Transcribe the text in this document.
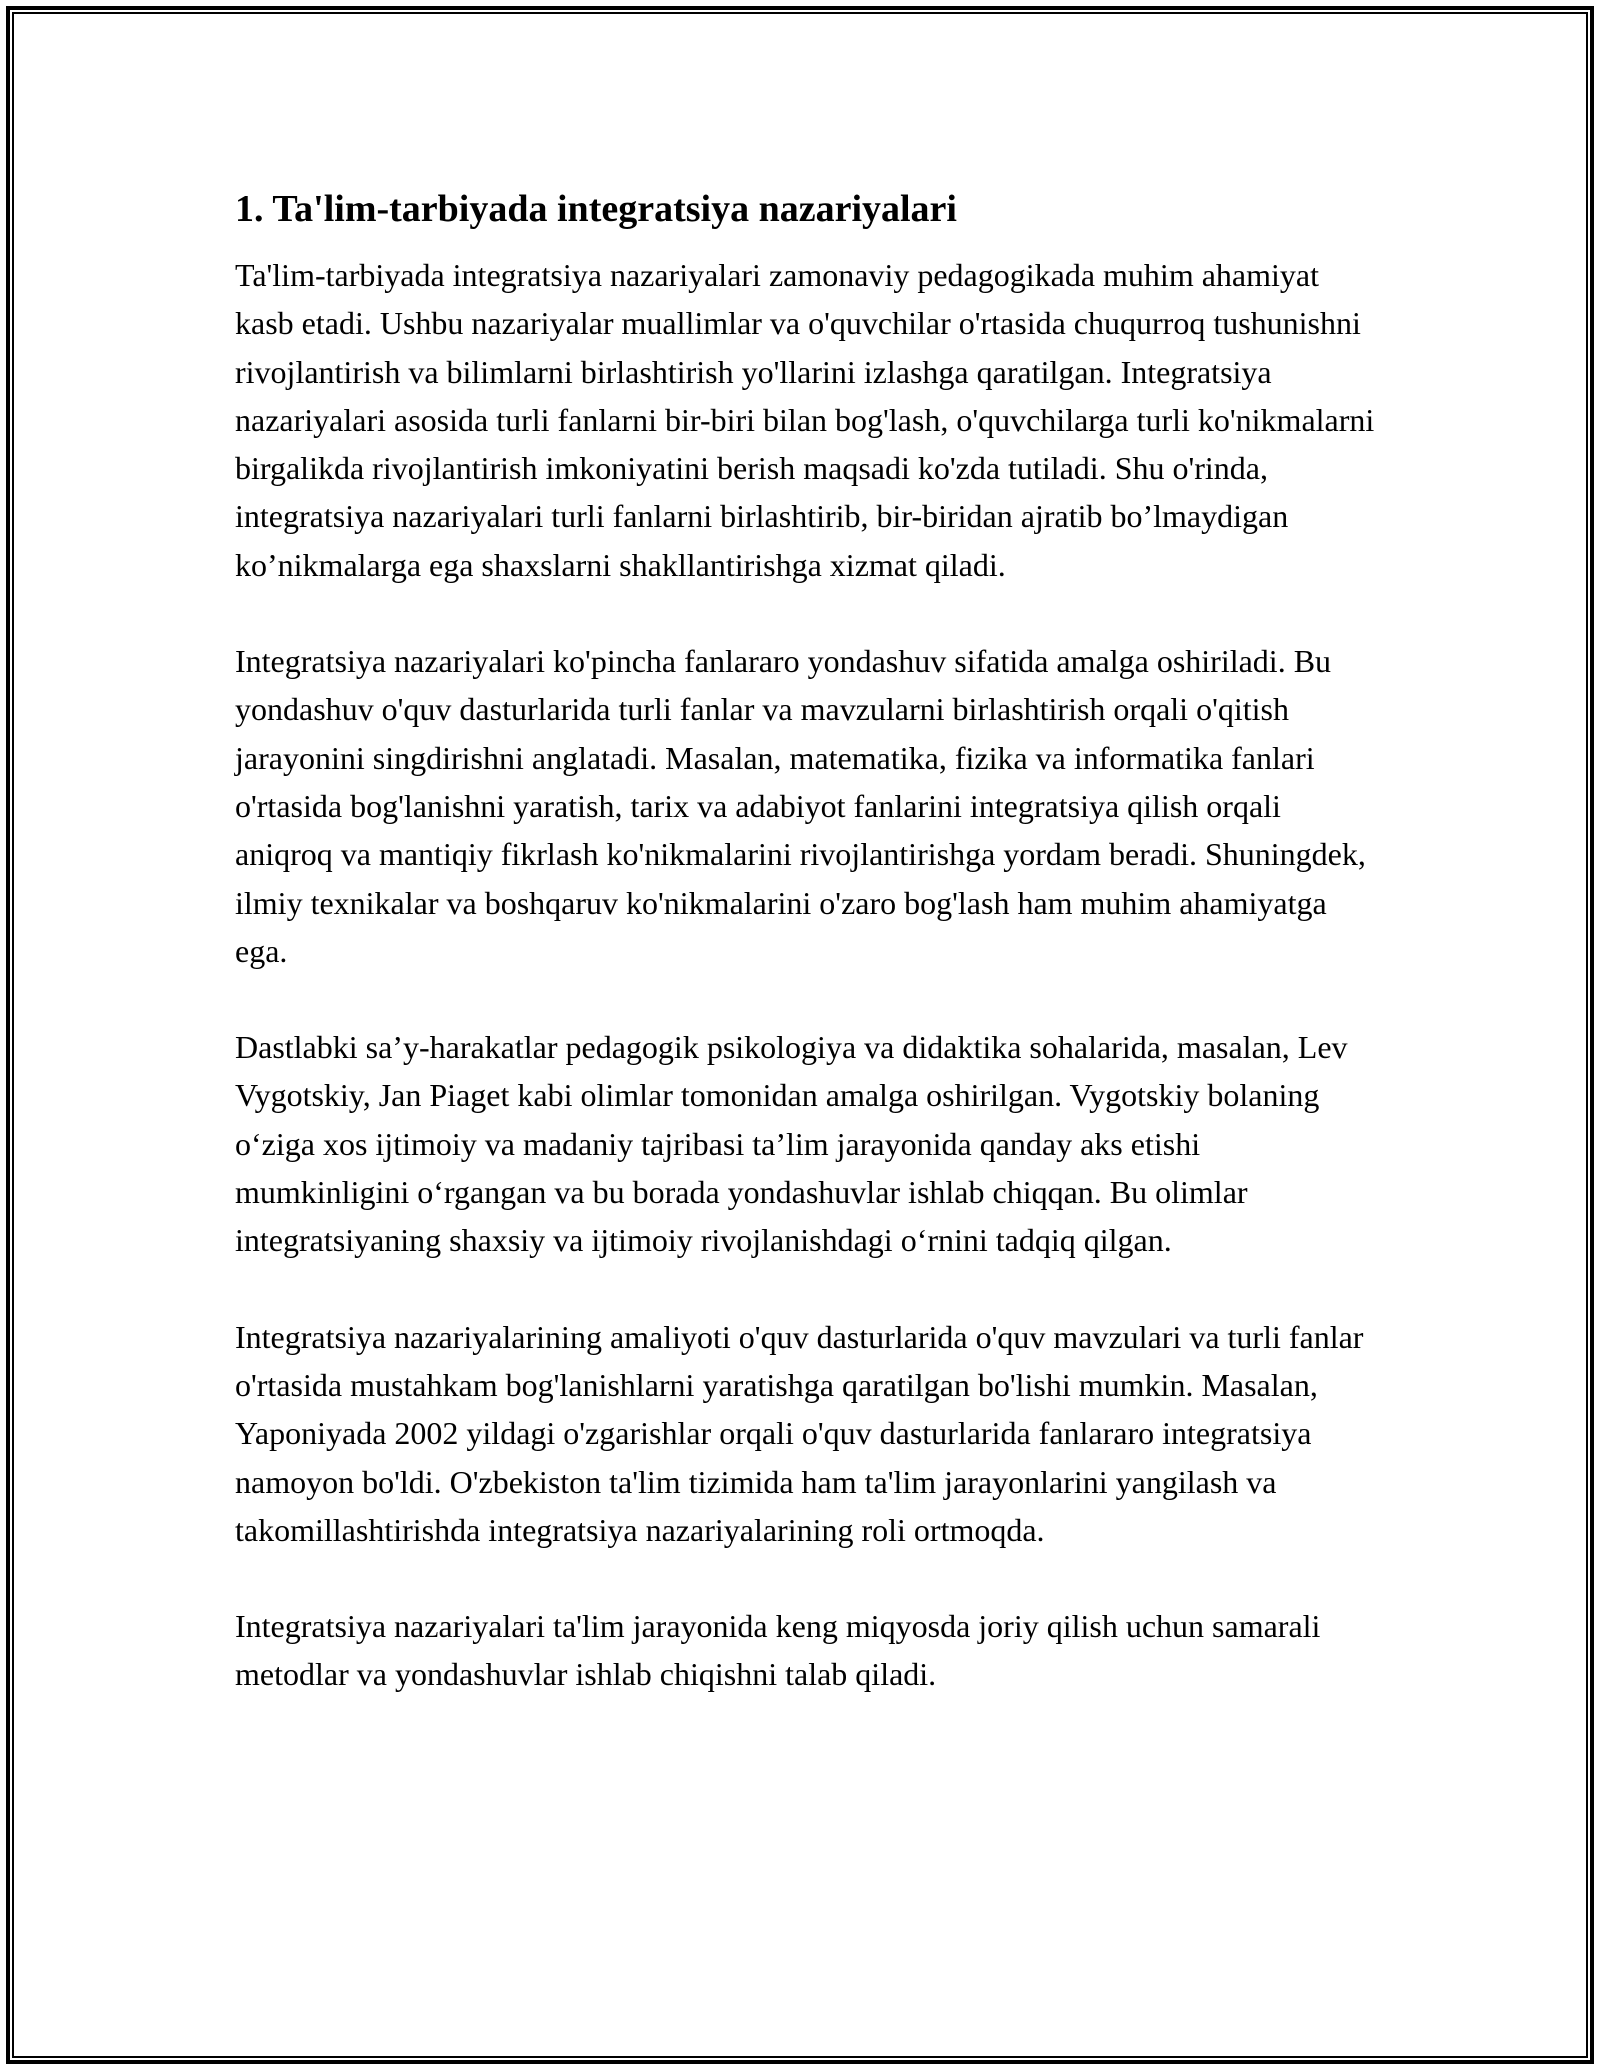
1. Ta'lim-tarbiyada integratsiya nazariyalari

Ta'lim-tarbiyada integratsiya nazariyalari zamonaviy pedagogikada muhim ahamiyat kasb etadi. Ushbu nazariyalar muallimlar va o'quvchilar o'rtasida chuqurroq tushunishni rivojlantirish va bilimlarni birlashtirish yo'llarini izlashga qaratilgan. Integratsiya nazariyalari asosida turli fanlarni bir-biri bilan bog'lash, o'quvchilarga turli ko'nikmalarni birgalikda rivojlantirish imkoniyatini berish maqsadi ko'zda tutiladi. Shu o'rinda, integratsiya nazariyalari turli fanlarni birlashtirib, bir-biridan ajratib bo’lmaydigan ko’nikmalarga ega shaxslarni shakllantirishga xizmat qiladi.

Integratsiya nazariyalari ko'pincha fanlararo yondashuv sifatida amalga oshiriladi. Bu yondashuv o'quv dasturlarida turli fanlar va mavzularni birlashtirish orqali o'qitish jarayonini singdirishni anglatadi. Masalan, matematika, fizika va informatika fanlari o'rtasida bog'lanishni yaratish, tarix va adabiyot fanlarini integratsiya qilish orqali aniqroq va mantiqiy fikrlash ko'nikmalarini rivojlantirishga yordam beradi. Shuningdek, ilmiy texnikalar va boshqaruv ko'nikmalarini o'zaro bog'lash ham muhim ahamiyatga ega.

Dastlabki sa’y-harakatlar pedagogik psikologiya va didaktika sohalarida, masalan, Lev Vygotskiy, Jan Piaget kabi olimlar tomonidan amalga oshirilgan. Vygotskiy bolaning o‘ziga xos ijtimoiy va madaniy tajribasi ta’lim jarayonida qanday aks etishi mumkinligini o‘rgangan va bu borada yondashuvlar ishlab chiqqan. Bu olimlar integratsiyaning shaxsiy va ijtimoiy rivojlanishdagi o‘rnini tadqiq qilgan.

Integratsiya nazariyalarining amaliyoti o'quv dasturlarida o'quv mavzulari va turli fanlar o'rtasida mustahkam bog'lanishlarni yaratishga qaratilgan bo'lishi mumkin. Masalan, Yaponiyada 2002 yildagi o'zgarishlar orqali o'quv dasturlarida fanlararo integratsiya namoyon bo'ldi. O'zbekiston ta'lim tizimida ham ta'lim jarayonlarini yangilash va takomillashtirishda integratsiya nazariyalarining roli ortmoqda.

Integratsiya nazariyalari ta'lim jarayonida keng miqyosda joriy qilish uchun samarali metodlar va yondashuvlar ishlab chiqishni talab qiladi.
